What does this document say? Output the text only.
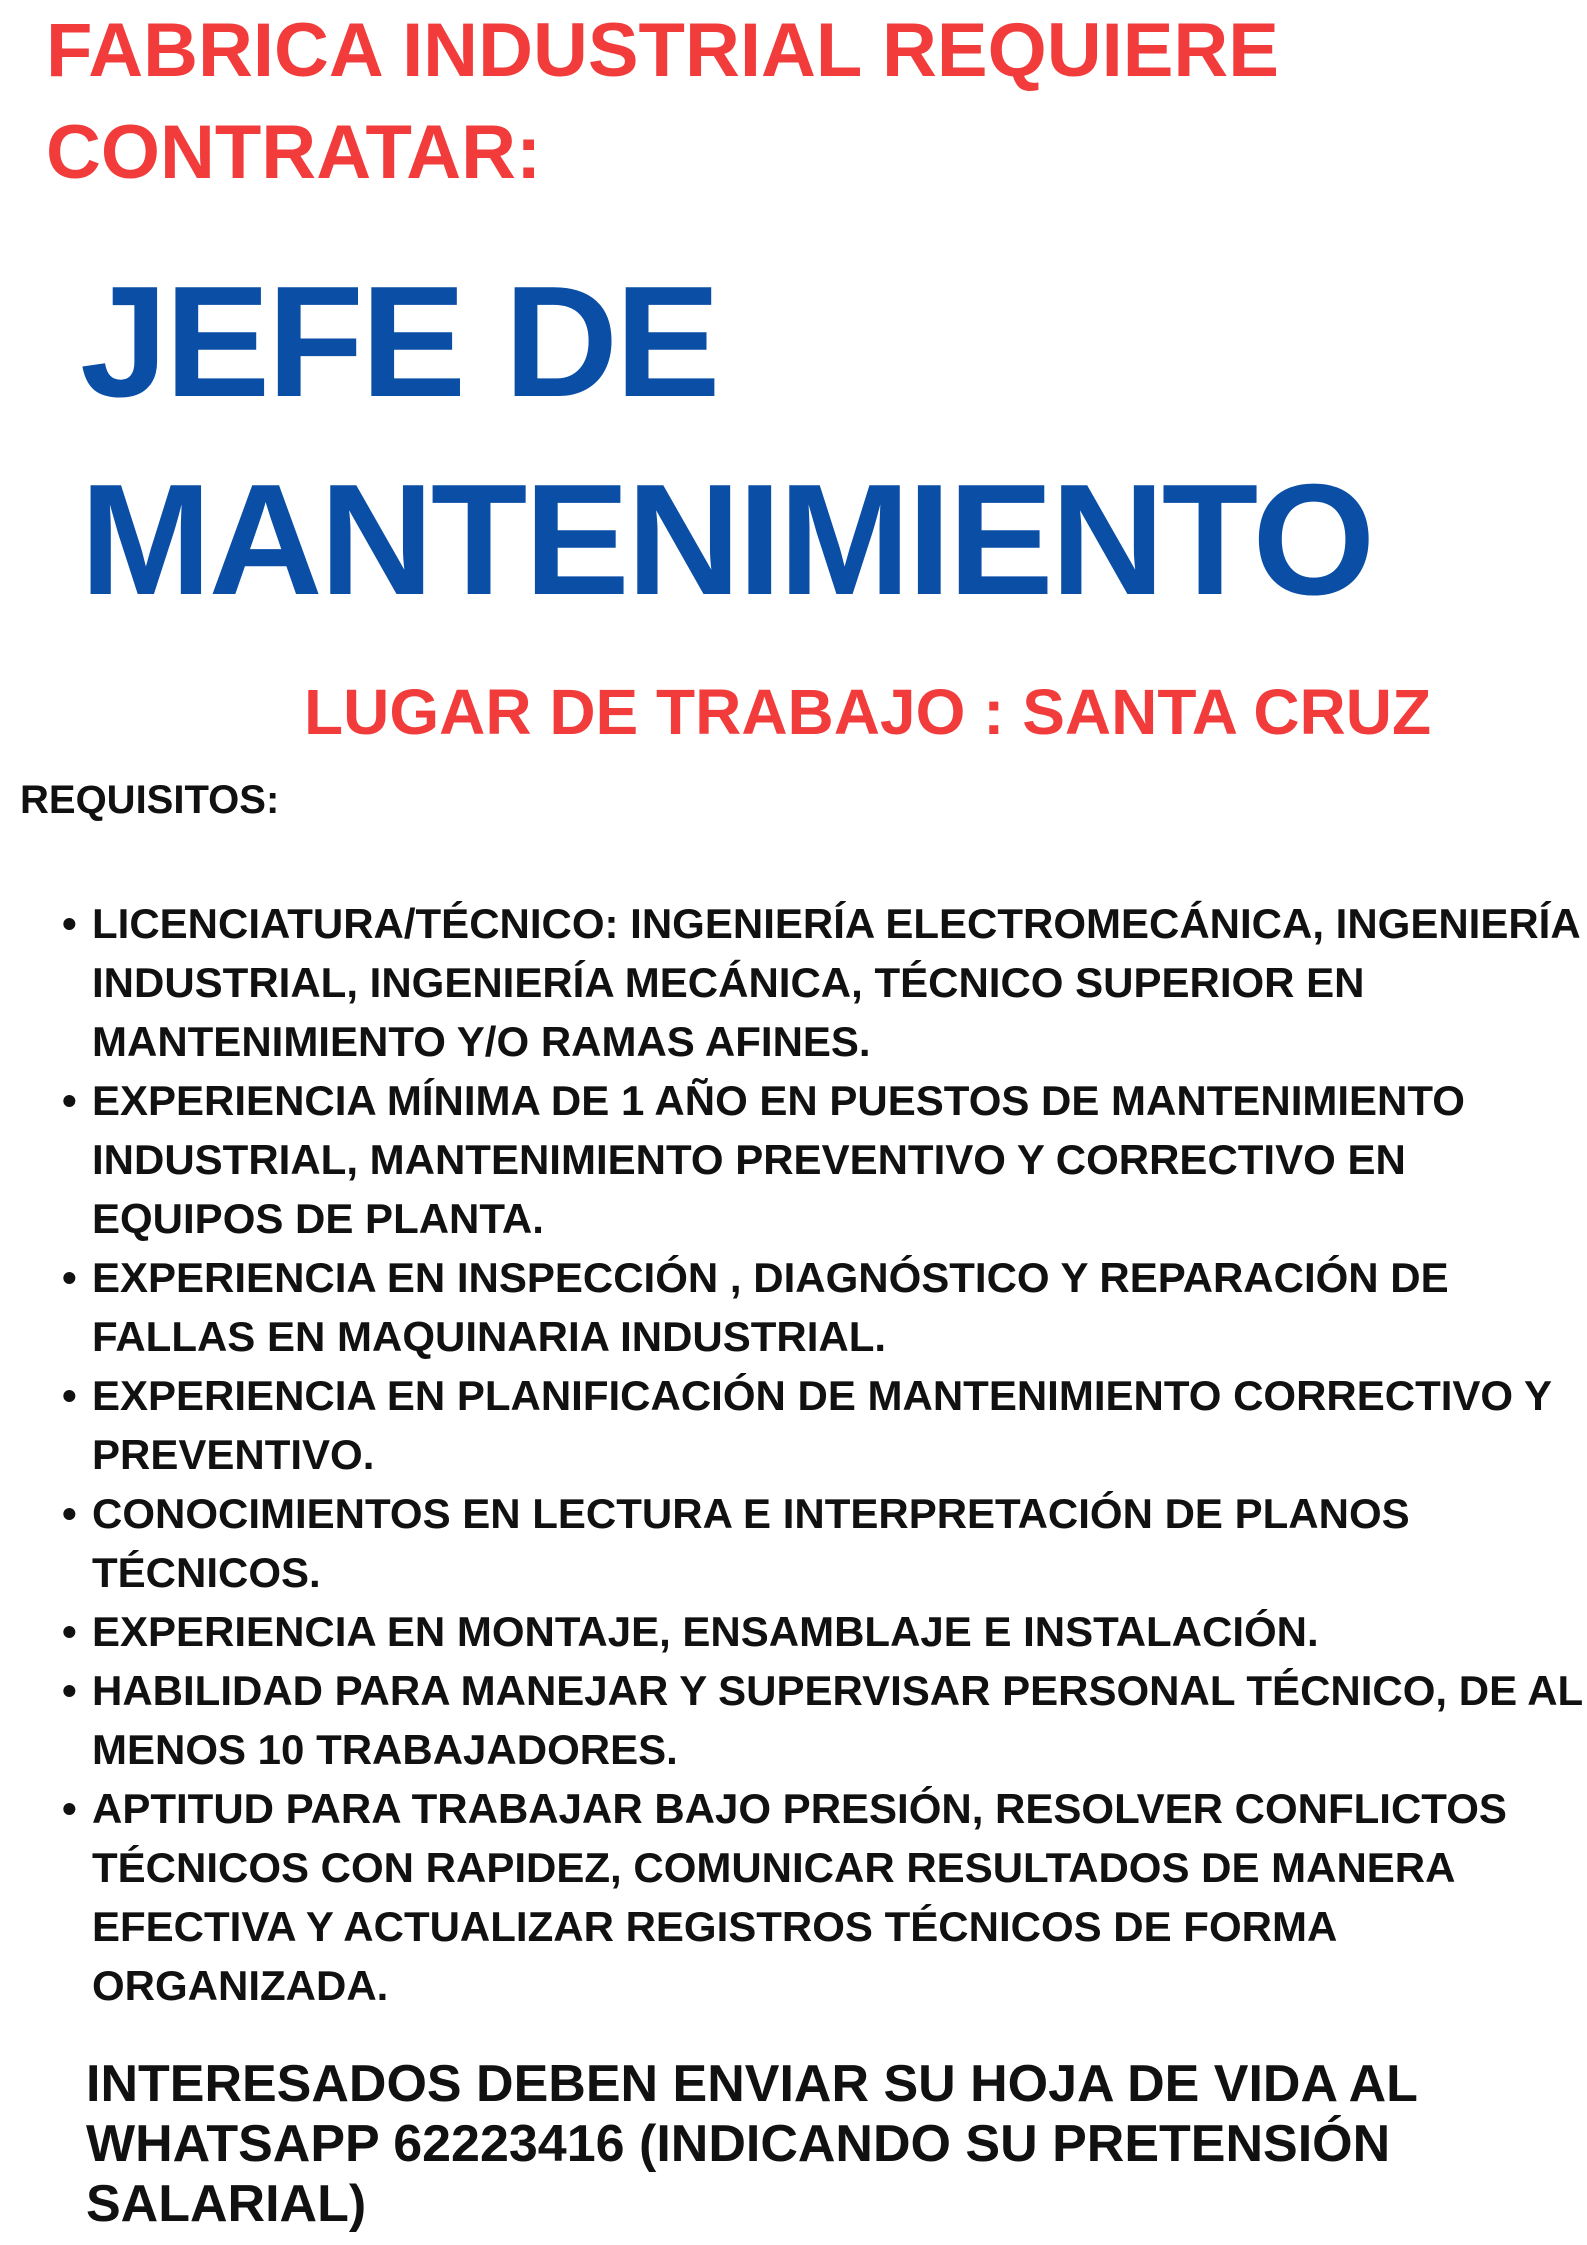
FABRICA INDUSTRIAL REQUIERE CONTRATAR:
JEFE DE
MANTENIMIENTO

LUGAR DE TRABAJO : SANTA CRUZ

REQUISITOS:

• LICENCIATURA/TÉCNICO: INGENIERÍA ELECTROMECÁNICA, INGENIERÍA INDUSTRIAL, INGENIERÍA MECÁNICA, TÉCNICO SUPERIOR EN MANTENIMIENTO Y/O RAMAS AFINES.
• EXPERIENCIA MÍNIMA DE 1 AÑO EN PUESTOS DE MANTENIMIENTO INDUSTRIAL, MANTENIMIENTO PREVENTIVO Y CORRECTIVO EN EQUIPOS DE PLANTA.
• EXPERIENCIA EN INSPECCIÓN , DIAGNÓSTICO Y REPARACIÓN DE FALLAS EN MAQUINARIA INDUSTRIAL.
• EXPERIENCIA EN PLANIFICACIÓN DE MANTENIMIENTO CORRECTIVO Y PREVENTIVO.
• CONOCIMIENTOS EN LECTURA E INTERPRETACIÓN DE PLANOS TÉCNICOS.
• EXPERIENCIA EN MONTAJE, ENSAMBLAJE E INSTALACIÓN.
• HABILIDAD PARA MANEJAR Y SUPERVISAR PERSONAL TÉCNICO, DE AL MENOS 10 TRABAJADORES.
• APTITUD PARA TRABAJAR BAJO PRESIÓN, RESOLVER CONFLICTOS TÉCNICOS CON RAPIDEZ, COMUNICAR RESULTADOS DE MANERA EFECTIVA Y ACTUALIZAR REGISTROS TÉCNICOS DE FORMA ORGANIZADA.

INTERESADOS DEBEN ENVIAR SU HOJA DE VIDA AL WHATSAPP 62223416 (INDICANDO SU PRETENSIÓN SALARIAL)
